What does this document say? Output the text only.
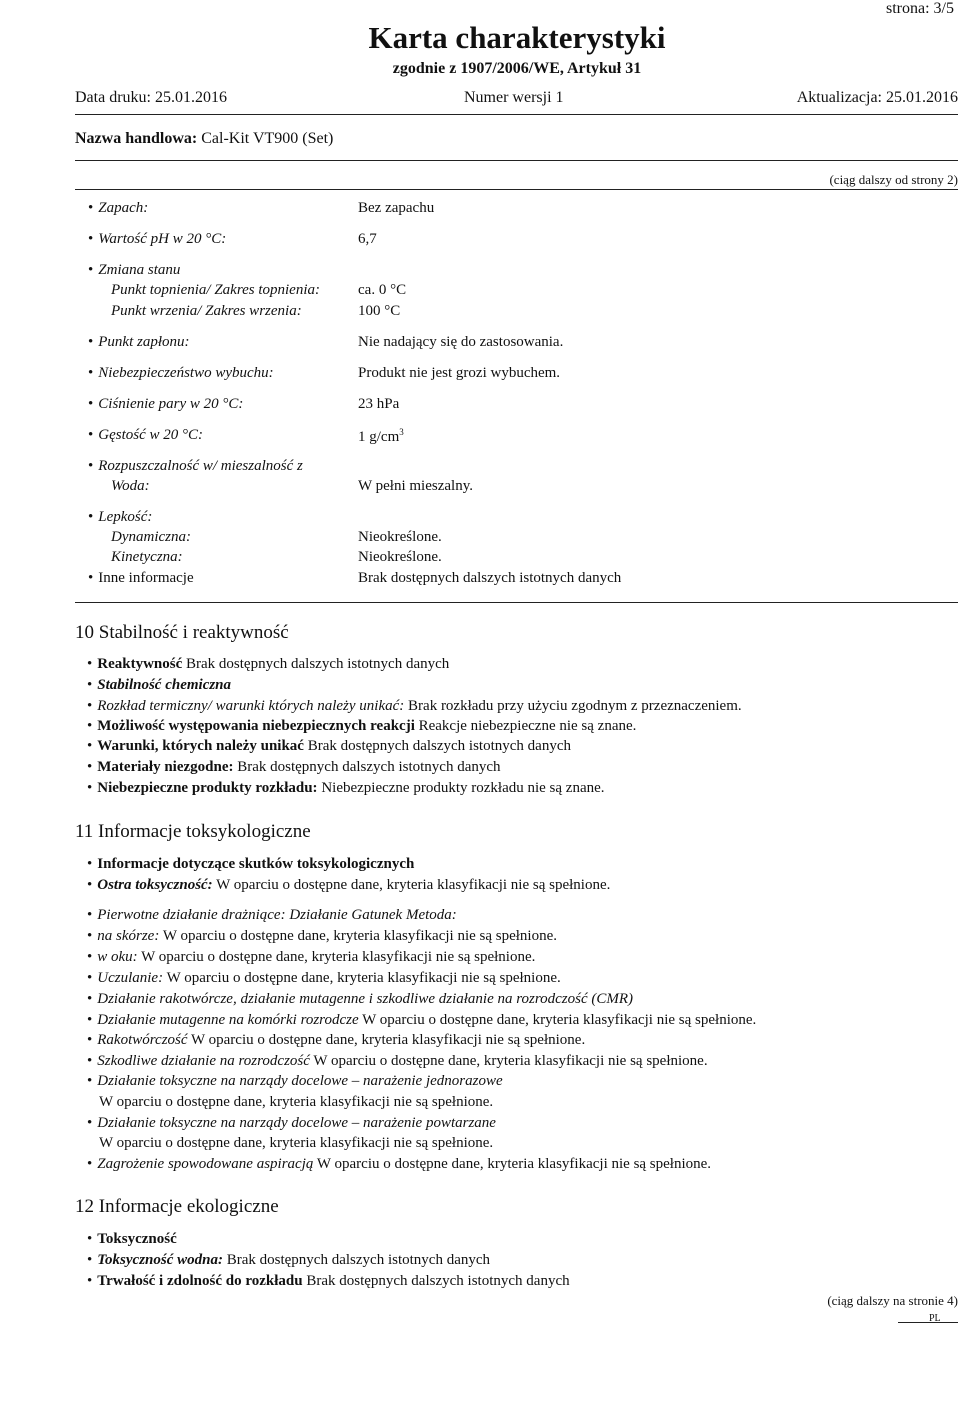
strona: 3/5
Karta charakterystyki
zgodnie z 1907/2006/WE, Artykuł 31
Data druku: 25.01.2016	Numer wersji 1	Aktualizacja: 25.01.2016
Nazwa handlowa: Cal-Kit VT900 (Set)
(ciąg dalszy od strony 2)
• Zapach:	Bez zapachu
• Wartość pH w 20 °C:	6,7
• Zmiana stanu
Punkt topnienia/ Zakres topnienia:	ca. 0 °C
Punkt wrzenia/ Zakres wrzenia:	100 °C
• Punkt zapłonu:	Nie nadający się do zastosowania.
• Niebezpieczeństwo wybuchu:	Produkt nie jest grozi wybuchem.
• Ciśnienie pary w 20 °C:	23 hPa
• Gęstość w 20 °C:	1 $g/cm^3$
• Rozpuszczalność w/ mieszalność z
Woda:	W pełni mieszalny.
• Lepkość:
Dynamiczna:	Nieokreślone.
Kinetyczna:	Nieokreślone.
• Inne informacje	Brak dostępnych dalszych istotnych danych
10 Stabilność i reaktywność
• Reaktywność Brak dostępnych dalszych istotnych danych
• Stabilność chemiczna
• Rozkład termiczny/ warunki których należy unikać: Brak rozkładu przy użyciu zgodnym z przeznaczeniem.
• Możliwość występowania niebezpiecznych reakcji Reakcje niebezpieczne nie są znane.
• Warunki, których należy unikać Brak dostępnych dalszych istotnych danych
• Materiały niezgodne: Brak dostępnych dalszych istotnych danych
• Niebezpieczne produkty rozkładu: Niebezpieczne produkty rozkładu nie są znane.
11 Informacje toksykologiczne
• Informacje dotyczące skutków toksykologicznych
• Ostra toksyczność: W oparciu o dostępne dane, kryteria klasyfikacji nie są spełnione.
• Pierwotne działanie drażniące: Działanie Gatunek Metoda:
• na skórze: W oparciu o dostępne dane, kryteria klasyfikacji nie są spełnione.
• w oku: W oparciu o dostępne dane, kryteria klasyfikacji nie są spełnione.
• Uczulanie: W oparciu o dostępne dane, kryteria klasyfikacji nie są spełnione.
• Działanie rakotwórcze, działanie mutagenne i szkodliwe działanie na rozrodczość (CMR)
• Działanie mutagenne na komórki rozrodcze W oparciu o dostępne dane, kryteria klasyfikacji nie są spełnione.
• Rakotwórczość W oparciu o dostępne dane, kryteria klasyfikacji nie są spełnione.
• Szkodliwe działanie na rozrodczość W oparciu o dostępne dane, kryteria klasyfikacji nie są spełnione.
• Działanie toksyczne na narządy docelowe – narażenie jednorazowe
W oparciu o dostępne dane, kryteria klasyfikacji nie są spełnione.
• Działanie toksyczne na narządy docelowe – narażenie powtarzane
W oparciu o dostępne dane, kryteria klasyfikacji nie są spełnione.
• Zagrożenie spowodowane aspiracją W oparciu o dostępne dane, kryteria klasyfikacji nie są spełnione.
12 Informacje ekologiczne
• Toksyczność
• Toksyczność wodna: Brak dostępnych dalszych istotnych danych
• Trwałość i zdolność do rozkładu Brak dostępnych dalszych istotnych danych
(ciąg dalszy na stronie 4)
PL
